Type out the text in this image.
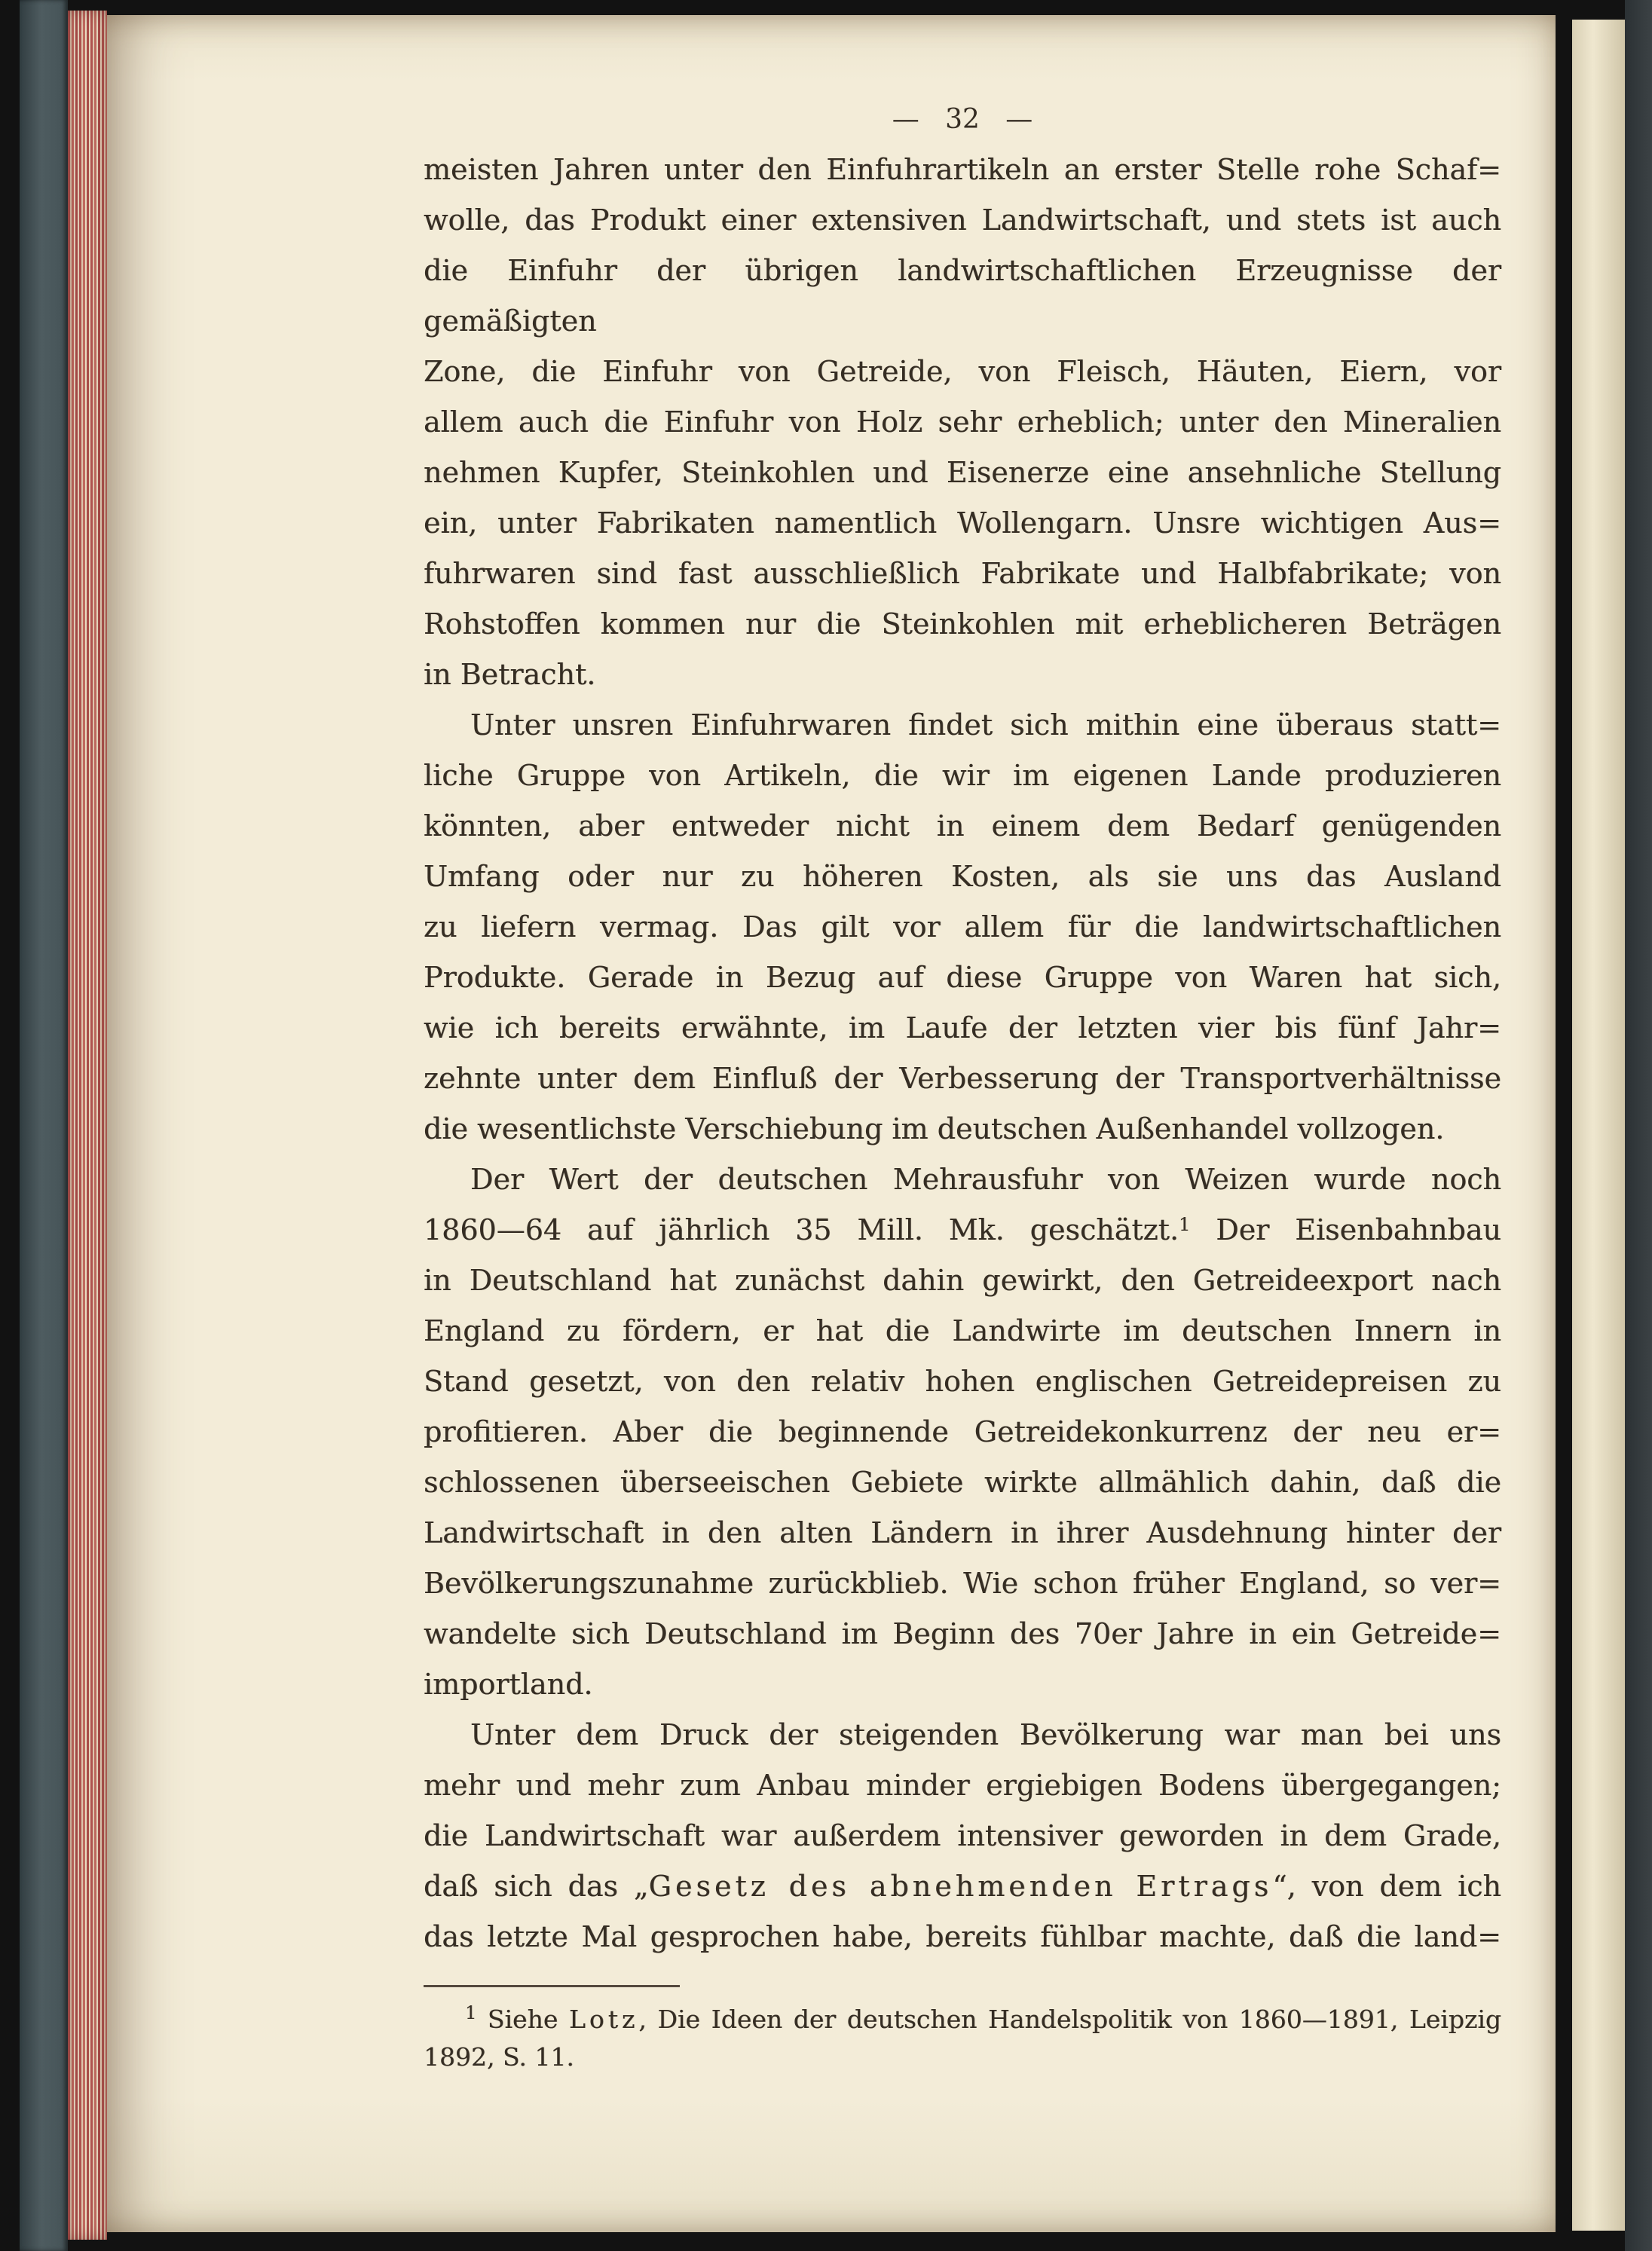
—   32   —
meisten Jahren unter den Einfuhrartikeln an erster Stelle rohe Schaf=
wolle, das Produkt einer extensiven Landwirtschaft, und stets ist auch
die Einfuhr der übrigen landwirtschaftlichen Erzeugnisse der gemäßigten
Zone, die Einfuhr von Getreide, von Fleisch, Häuten, Eiern, vor
allem auch die Einfuhr von Holz sehr erheblich; unter den Mineralien
nehmen Kupfer, Steinkohlen und Eisenerze eine ansehnliche Stellung
ein, unter Fabrikaten namentlich Wollengarn. Unsre wichtigen Aus=
fuhrwaren sind fast ausschließlich Fabrikate und Halbfabrikate; von
Rohstoffen kommen nur die Steinkohlen mit erheblicheren Beträgen
in Betracht.
Unter unsren Einfuhrwaren findet sich mithin eine überaus statt=
liche Gruppe von Artikeln, die wir im eigenen Lande produzieren
könnten, aber entweder nicht in einem dem Bedarf genügenden
Umfang oder nur zu höheren Kosten, als sie uns das Ausland
zu liefern vermag. Das gilt vor allem für die landwirtschaftlichen
Produkte. Gerade in Bezug auf diese Gruppe von Waren hat sich,
wie ich bereits erwähnte, im Laufe der letzten vier bis fünf Jahr=
zehnte unter dem Einfluß der Verbesserung der Transportverhältnisse
die wesentlichste Verschiebung im deutschen Außenhandel vollzogen.
Der Wert der deutschen Mehrausfuhr von Weizen wurde noch
1860—64 auf jährlich 35 Mill. Mk. geschätzt.$^1$ Der Eisenbahnbau
in Deutschland hat zunächst dahin gewirkt, den Getreideexport nach
England zu fördern, er hat die Landwirte im deutschen Innern in
Stand gesetzt, von den relativ hohen englischen Getreidepreisen zu
profitieren. Aber die beginnende Getreidekonkurrenz der neu er=
schlossenen überseeischen Gebiete wirkte allmählich dahin, daß die
Landwirtschaft in den alten Ländern in ihrer Ausdehnung hinter der
Bevölkerungszunahme zurückblieb. Wie schon früher England, so ver=
wandelte sich Deutschland im Beginn des 70er Jahre in ein Getreide=
importland.
Unter dem Druck der steigenden Bevölkerung war man bei uns
mehr und mehr zum Anbau minder ergiebigen Bodens übergegangen;
die Landwirtschaft war außerdem intensiver geworden in dem Grade,
daß sich das „Gesetz des abnehmenden Ertrags“, von dem ich
das letzte Mal gesprochen habe, bereits fühlbar machte, daß die land=
$^1$ Siehe Lotz, Die Ideen der deutschen Handelspolitik von 1860—1891, Leipzig
1892, S. 11.
